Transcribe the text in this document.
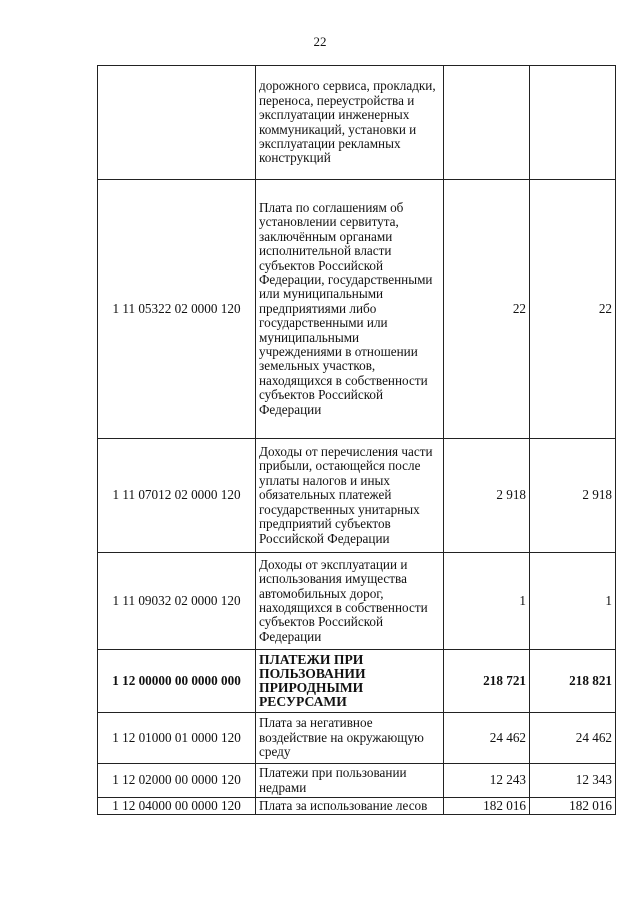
22
	дорожного сервиса, прокладки, переноса, переустройства и эксплуатации инженерных коммуникаций, установки и эксплуатации рекламных конструкций		
1 11 05322 02 0000 120	Плата по соглашениям об установлении сервитута, заключённым органами исполнительной власти субъектов Российской Федерации, государственными или муниципальными предприятиями либо государственными или муниципальными учреждениями в отношении земельных участков, находящихся в собственности субъектов Российской Федерации	22	22
1 11 07012 02 0000 120	Доходы от перечисления части прибыли, остающейся после уплаты налогов и иных обязательных платежей государственных унитарных предприятий субъектов Российской Федерации	2 918	2 918
1 11 09032 02 0000 120	Доходы от эксплуатации и использования имущества автомобильных дорог, находящихся в собственности субъектов Российской Федерации	1	1
1 12 00000 00 0000 000	ПЛАТЕЖИ ПРИ ПОЛЬЗОВАНИИ ПРИРОДНЫМИ РЕСУРСАМИ	218 721	218 821
1 12 01000 01 0000 120	Плата за негативное воздействие на окружающую среду	24 462	24 462
1 12 02000 00 0000 120	Платежи при пользовании недрами	12 243	12 343
1 12 04000 00 0000 120	Плата за использование лесов	182 016	182 016
